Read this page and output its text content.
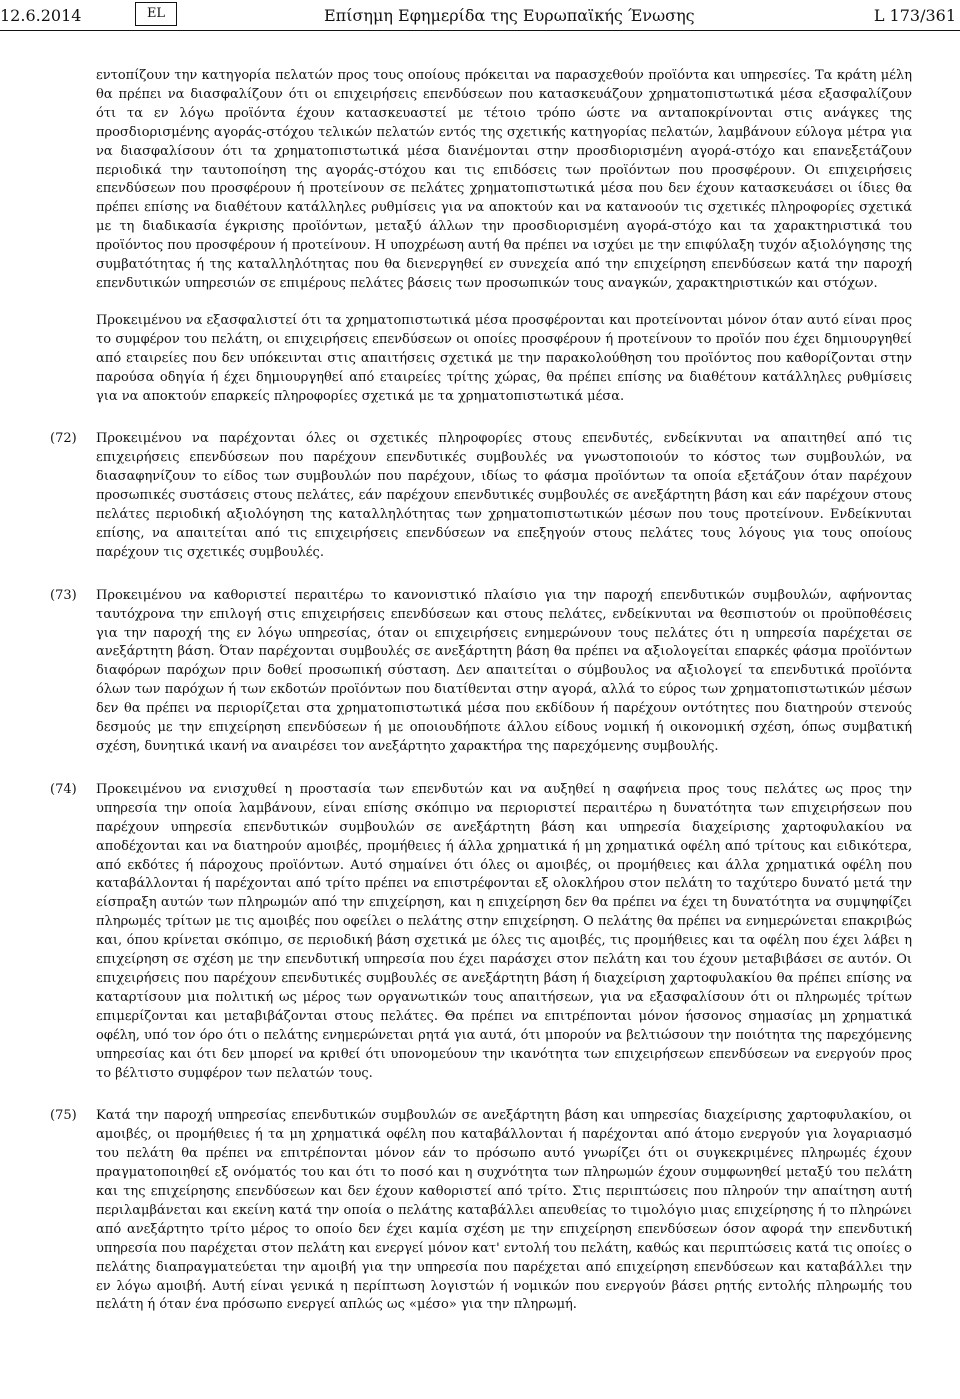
12.6.2014	EL	Επίσημη Εφημερίδα της Ευρωπαϊκής Ένωσης	L 173/361
εντοπίζουν την κατηγορία πελατών προς τους οποίους πρόκειται να παρασχεθούν προϊόντα και υπηρεσίες. Τα κράτη μέλη θα πρέπει να διασφαλίζουν ότι οι επιχειρήσεις επενδύσεων που κατασκευάζουν χρηματοπιστωτικά μέσα εξασφαλίζουν ότι τα εν λόγω προϊόντα έχουν κατασκευαστεί με τέτοιο τρόπο ώστε να ανταποκρίνονται στις ανάγκες της προσδιορισμένης αγοράς-στόχου τελικών πελατών εντός της σχετικής κατηγορίας πελατών, λαμβάνουν εύλογα μέτρα για να διασφαλίσουν ότι τα χρηματοπιστωτικά μέσα διανέμονται στην προσδιορισμένη αγορά-στόχο και επανεξετάζουν περιοδικά την ταυτοποίηση της αγοράς-στόχου και τις επιδόσεις των προϊόντων που προσφέρουν. Οι επιχειρήσεις επενδύσεων που προσφέρουν ή προτείνουν σε πελάτες χρηματοπιστωτικά μέσα που δεν έχουν κατασκευάσει οι ίδιες θα πρέπει επίσης να διαθέτουν κατάλληλες ρυθμίσεις για να αποκτούν και να κατανοούν τις σχετικές πληροφορίες σχετικά με τη διαδικασία έγκρισης προϊόντων, μεταξύ άλλων την προσδιορισμένη αγορά-στόχο και τα χαρακτηριστικά του προϊόντος που προσφέρουν ή προτείνουν. Η υποχρέωση αυτή θα πρέπει να ισχύει με την επιφύλαξη τυχόν αξιολόγησης της συμβατότητας ή της καταλληλότητας που θα διενεργηθεί εν συνεχεία από την επιχείρηση επενδύσεων κατά την παροχή επενδυτικών υπηρεσιών σε επιμέρους πελάτες βάσεις των προσωπικών τους αναγκών, χαρακτηριστικών και στόχων.
Προκειμένου να εξασφαλιστεί ότι τα χρηματοπιστωτικά μέσα προσφέρονται και προτείνονται μόνον όταν αυτό είναι προς το συμφέρον του πελάτη, οι επιχειρήσεις επενδύσεων οι οποίες προσφέρουν ή προτείνουν το προϊόν που έχει δημιουργηθεί από εταιρείες που δεν υπόκεινται στις απαιτήσεις σχετικά με την παρακολούθηση του προϊόντος που καθορίζονται στην παρούσα οδηγία ή έχει δημιουργηθεί από εταιρείες τρίτης χώρας, θα πρέπει επίσης να διαθέτουν κατάλληλες ρυθμίσεις για να αποκτούν επαρκείς πληροφορίες σχετικά με τα χρηματοπιστωτικά μέσα.
(72) Προκειμένου να παρέχονται όλες οι σχετικές πληροφορίες στους επενδυτές, ενδείκνυται να απαιτηθεί από τις επιχειρήσεις επενδύσεων που παρέχουν επενδυτικές συμβουλές να γνωστοποιούν το κόστος των συμβουλών, να διασαφηνίζουν το είδος των συμβουλών που παρέχουν, ιδίως το φάσμα προϊόντων τα οποία εξετάζουν όταν παρέχουν προσωπικές συστάσεις στους πελάτες, εάν παρέχουν επενδυτικές συμβουλές σε ανεξάρτητη βάση και εάν παρέχουν στους πελάτες περιοδική αξιολόγηση της καταλληλότητας των χρηματοπιστωτικών μέσων που τους προτείνουν. Ενδείκνυται επίσης, να απαιτείται από τις επιχειρήσεις επενδύσεων να επεξηγούν στους πελάτες τους λόγους για τους οποίους παρέχουν τις σχετικές συμβουλές.
(73) Προκειμένου να καθοριστεί περαιτέρω το κανονιστικό πλαίσιο για την παροχή επενδυτικών συμβουλών, αφήνοντας ταυτόχρονα την επιλογή στις επιχειρήσεις επενδύσεων και στους πελάτες, ενδείκνυται να θεσπιστούν οι προϋποθέσεις για την παροχή της εν λόγω υπηρεσίας, όταν οι επιχειρήσεις ενημερώνουν τους πελάτες ότι η υπηρεσία παρέχεται σε ανεξάρτητη βάση. Όταν παρέχονται συμβουλές σε ανεξάρτητη βάση θα πρέπει να αξιολογείται επαρκές φάσμα προϊόντων διαφόρων παρόχων πριν δοθεί προσωπική σύσταση. Δεν απαιτείται ο σύμβουλος να αξιολογεί τα επενδυτικά προϊόντα όλων των παρόχων ή των εκδοτών προϊόντων που διατίθενται στην αγορά, αλλά το εύρος των χρηματοπιστωτικών μέσων δεν θα πρέπει να περιορίζεται στα χρηματοπιστωτικά μέσα που εκδίδουν ή παρέχουν οντότητες που διατηρούν στενούς δεσμούς με την επιχείρηση επενδύσεων ή με οποιουδήποτε άλλου είδους νομική ή οικονομική σχέση, όπως συμβατική σχέση, δυνητικά ικανή να αναιρέσει τον ανεξάρτητο χαρακτήρα της παρεχόμενης συμβουλής.
(74) Προκειμένου να ενισχυθεί η προστασία των επενδυτών και να αυξηθεί η σαφήνεια προς τους πελάτες ως προς την υπηρεσία την οποία λαμβάνουν, είναι επίσης σκόπιμο να περιοριστεί περαιτέρω η δυνατότητα των επιχειρήσεων που παρέχουν υπηρεσία επενδυτικών συμβουλών σε ανεξάρτητη βάση και υπηρεσία διαχείρισης χαρτοφυλακίου να αποδέχονται και να διατηρούν αμοιβές, προμήθειες ή άλλα χρηματικά ή μη χρηματικά οφέλη από τρίτους και ειδικότερα, από εκδότες ή πάροχους προϊόντων. Αυτό σημαίνει ότι όλες οι αμοιβές, οι προμήθειες και άλλα χρηματικά οφέλη που καταβάλλονται ή παρέχονται από τρίτο πρέπει να επιστρέφονται εξ ολοκλήρου στον πελάτη το ταχύτερο δυνατό μετά την είσπραξη αυτών των πληρωμών από την επιχείρηση, και η επιχείρηση δεν θα πρέπει να έχει τη δυνατότητα να συμψηφίζει πληρωμές τρίτων με τις αμοιβές που οφείλει ο πελάτης στην επιχείρηση. Ο πελάτης θα πρέπει να ενημερώνεται επακριβώς και, όπου κρίνεται σκόπιμο, σε περιοδική βάση σχετικά με όλες τις αμοιβές, τις προμήθειες και τα οφέλη που έχει λάβει η επιχείρηση σε σχέση με την επενδυτική υπηρεσία που έχει παράσχει στον πελάτη και του έχουν μεταβιβάσει σε αυτόν. Οι επιχειρήσεις που παρέχουν επενδυτικές συμβουλές σε ανεξάρτητη βάση ή διαχείριση χαρτοφυλακίου θα πρέπει επίσης να καταρτίσουν μια πολιτική ως μέρος των οργανωτικών τους απαιτήσεων, για να εξασφαλίσουν ότι οι πληρωμές τρίτων επιμερίζονται και μεταβιβάζονται στους πελάτες. Θα πρέπει να επιτρέπονται μόνον ήσσονος σημασίας μη χρηματικά οφέλη, υπό τον όρο ότι ο πελάτης ενημερώνεται ρητά για αυτά, ότι μπορούν να βελτιώσουν την ποιότητα της παρεχόμενης υπηρεσίας και ότι δεν μπορεί να κριθεί ότι υπονομεύουν την ικανότητα των επιχειρήσεων επενδύσεων να ενεργούν προς το βέλτιστο συμφέρον των πελατών τους.
(75) Κατά την παροχή υπηρεσίας επενδυτικών συμβουλών σε ανεξάρτητη βάση και υπηρεσίας διαχείρισης χαρτοφυλακίου, οι αμοιβές, οι προμήθειες ή τα μη χρηματικά οφέλη που καταβάλλονται ή παρέχονται από άτομο ενεργούν για λογαριασμό του πελάτη θα πρέπει να επιτρέπονται μόνον εάν το πρόσωπο αυτό γνωρίζει ότι οι συγκεκριμένες πληρωμές έχουν πραγματοποιηθεί εξ ονόματός του και ότι το ποσό και η συχνότητα των πληρωμών έχουν συμφωνηθεί μεταξύ του πελάτη και της επιχείρησης επενδύσεων και δεν έχουν καθοριστεί από τρίτο. Στις περιπτώσεις που πληρούν την απαίτηση αυτή περιλαμβάνεται και εκείνη κατά την οποία ο πελάτης καταβάλλει απευθείας το τιμολόγιο μιας επιχείρησης ή το πληρώνει από ανεξάρτητο τρίτο μέρος το οποίο δεν έχει καμία σχέση με την επιχείρηση επενδύσεων όσον αφορά την επενδυτική υπηρεσία που παρέχεται στον πελάτη και ενεργεί μόνον κατ' εντολή του πελάτη, καθώς και περιπτώσεις κατά τις οποίες ο πελάτης διαπραγματεύεται την αμοιβή για την υπηρεσία που παρέχεται από επιχείρηση επενδύσεων και καταβάλλει την εν λόγω αμοιβή. Αυτή είναι γενικά η περίπτωση λογιστών ή νομικών που ενεργούν βάσει ρητής εντολής πληρωμής του πελάτη ή όταν ένα πρόσωπο ενεργεί απλώς ως «μέσο» για την πληρωμή.
